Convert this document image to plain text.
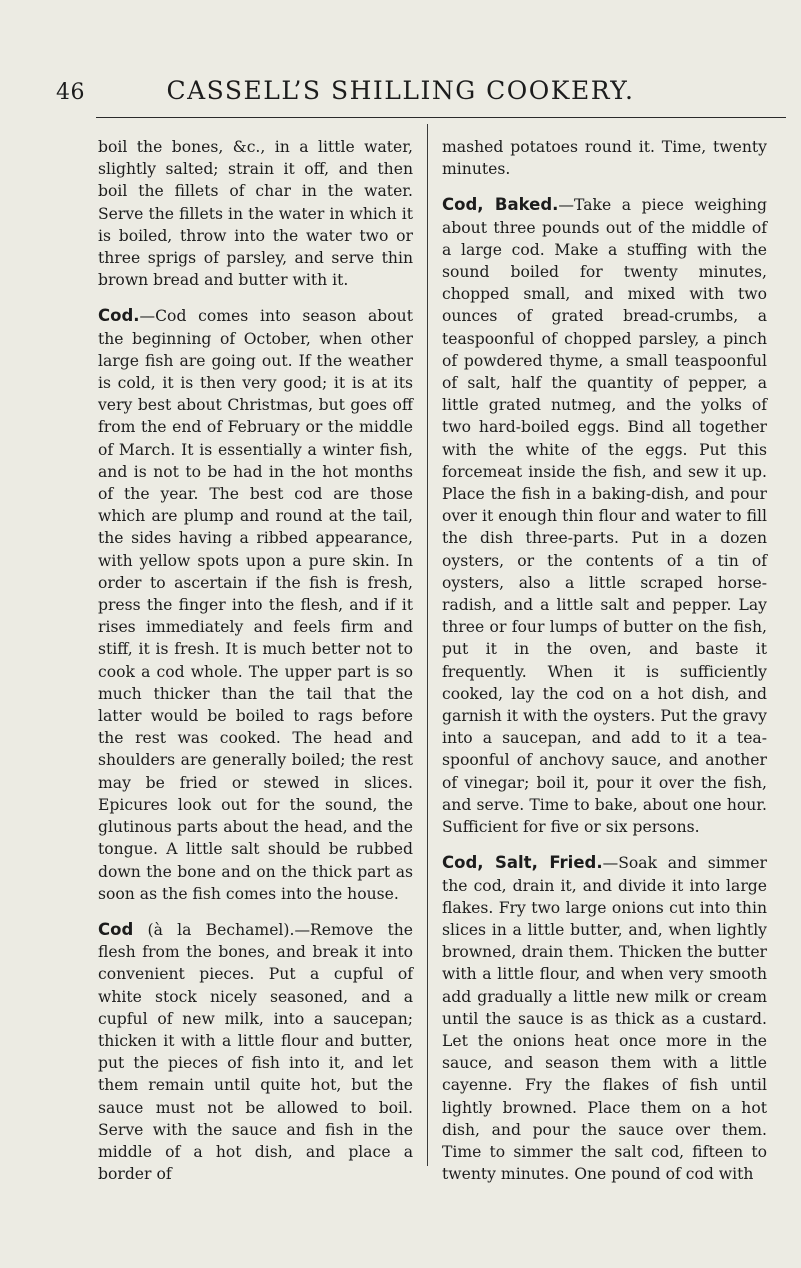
46	CASSELL’S SHILLING COOKERY.

boil the bones, &c., in a little water, slightly salted; strain it off, and then boil the fillets of char in the water. Serve the fillets in the water in which it is boiled, throw into the water two or three sprigs of parsley, and serve thin brown bread and butter with it.

Cod.—Cod comes into season about the beginning of October, when other large fish are going out. If the weather is cold, it is then very good; it is at its very best about Christmas, but goes off from the end of February or the middle of March. It is essentially a winter fish, and is not to be had in the hot months of the year. The best cod are those which are plump and round at the tail, the sides having a ribbed appearance, with yellow spots upon a pure skin. In order to ascertain if the fish is fresh, press the finger into the flesh, and if it rises immediately and feels firm and stiff, it is fresh. It is much better not to cook a cod whole. The upper part is so much thicker than the tail that the latter would be boiled to rags before the rest was cooked. The head and shoulders are generally boiled; the rest may be fried or stewed in slices. Epicures look out for the sound, the glutinous parts about the head, and the tongue. A little salt should be rubbed down the bone and on the thick part as soon as the fish comes into the house.

Cod (à la Bechamel).—Remove the flesh from the bones, and break it into convenient pieces. Put a cupful of white stock nicely seasoned, and a cupful of new milk, into a saucepan; thicken it with a little flour and butter, put the pieces of fish into it, and let them remain until quite hot, but the sauce must not be allowed to boil. Serve with the sauce and fish in the middle of a hot dish, and place a border of

mashed potatoes round it. Time, twenty minutes.

Cod, Baked.—Take a piece weighing about three pounds out of the middle of a large cod. Make a stuffing with the sound boiled for twenty minutes, chopped small, and mixed with two ounces of grated bread-crumbs, a teaspoonful of chopped parsley, a pinch of powdered thyme, a small teaspoonful of salt, half the quantity of pepper, a little grated nutmeg, and the yolks of two hard-boiled eggs. Bind all together with the white of the eggs. Put this forcemeat inside the fish, and sew it up. Place the fish in a baking-dish, and pour over it enough thin flour and water to fill the dish three-parts. Put in a dozen oysters, or the contents of a tin of oysters, also a little scraped horse-radish, and a little salt and pepper. Lay three or four lumps of butter on the fish, put it in the oven, and baste it frequently. When it is sufficiently cooked, lay the cod on a hot dish, and garnish it with the oysters. Put the gravy into a saucepan, and add to it a tea-spoonful of anchovy sauce, and another of vinegar; boil it, pour it over the fish, and serve. Time to bake, about one hour. Sufficient for five or six persons.

Cod, Salt, Fried.—Soak and simmer the cod, drain it, and divide it into large flakes. Fry two large onions cut into thin slices in a little butter, and, when lightly browned, drain them. Thicken the butter with a little flour, and when very smooth add gradually a little new milk or cream until the sauce is as thick as a custard. Let the onions heat once more in the sauce, and season them with a little cayenne. Fry the flakes of fish until lightly browned. Place them on a hot dish, and pour the sauce over them. Time to simmer the salt cod, fifteen to twenty minutes. One pound of cod with
